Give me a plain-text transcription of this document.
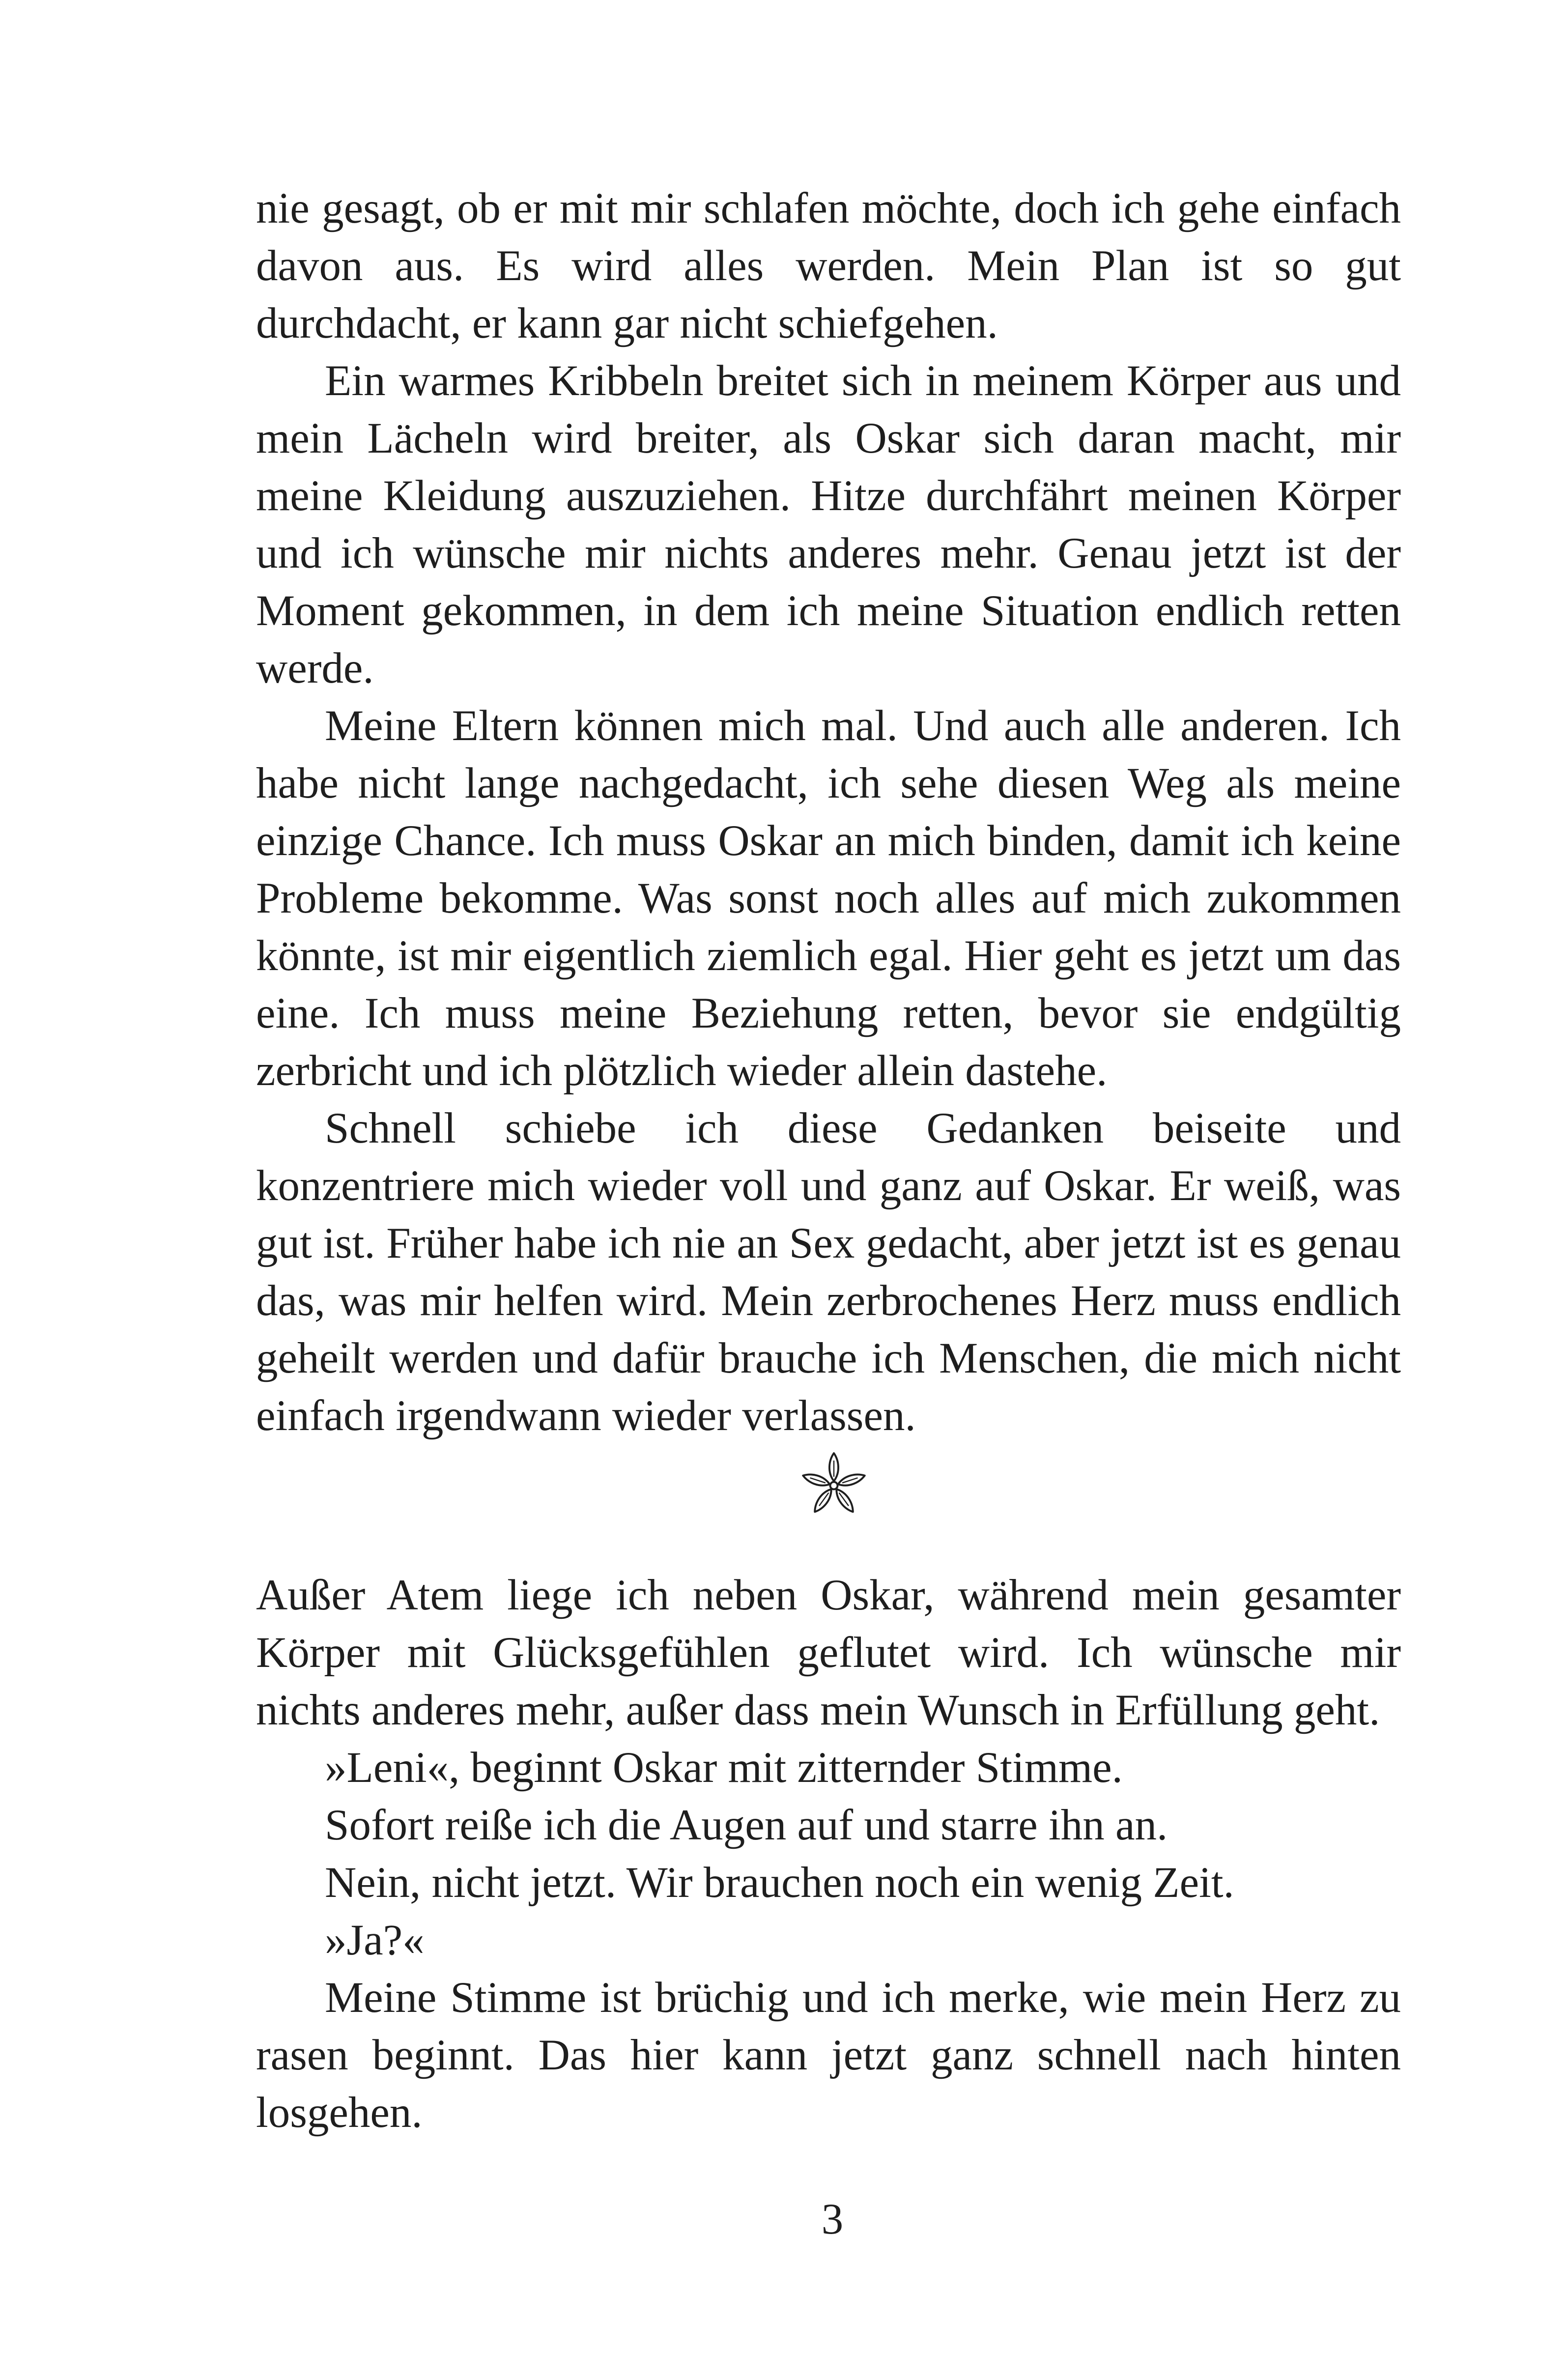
nie gesagt, ob er mit mir schlafen möchte, doch ich gehe einfach davon aus. Es wird alles werden. Mein Plan ist so gut durchdacht, er kann gar nicht schiefgehen.

Ein warmes Kribbeln breitet sich in meinem Körper aus und mein Lächeln wird breiter, als Oskar sich daran macht, mir meine Kleidung auszuziehen. Hitze durchfährt meinen Körper und ich wünsche mir nichts anderes mehr. Genau jetzt ist der Moment gekommen, in dem ich meine Situation endlich retten werde.

Meine Eltern können mich mal. Und auch alle anderen. Ich habe nicht lange nachgedacht, ich sehe diesen Weg als meine einzige Chance. Ich muss Oskar an mich binden, damit ich keine Probleme bekomme. Was sonst noch alles auf mich zukommen könnte, ist mir eigentlich ziemlich egal. Hier geht es jetzt um das eine. Ich muss meine Beziehung retten, bevor sie endgültig zerbricht und ich plötzlich wieder allein dastehe.

Schnell schiebe ich diese Gedanken beiseite und konzentriere mich wieder voll und ganz auf Oskar. Er weiß, was gut ist. Früher habe ich nie an Sex gedacht, aber jetzt ist es genau das, was mir helfen wird. Mein zerbrochenes Herz muss endlich geheilt werden und dafür brauche ich Menschen, die mich nicht einfach irgendwann wieder verlassen.

Außer Atem liege ich neben Oskar, während mein gesamter Körper mit Glücksgefühlen geflutet wird. Ich wünsche mir nichts anderes mehr, außer dass mein Wunsch in Erfüllung geht.

»Leni«, beginnt Oskar mit zitternder Stimme.

Sofort reiße ich die Augen auf und starre ihn an.

Nein, nicht jetzt. Wir brauchen noch ein wenig Zeit.

»Ja?«

Meine Stimme ist brüchig und ich merke, wie mein Herz zu rasen beginnt. Das hier kann jetzt ganz schnell nach hinten losgehen.

3
